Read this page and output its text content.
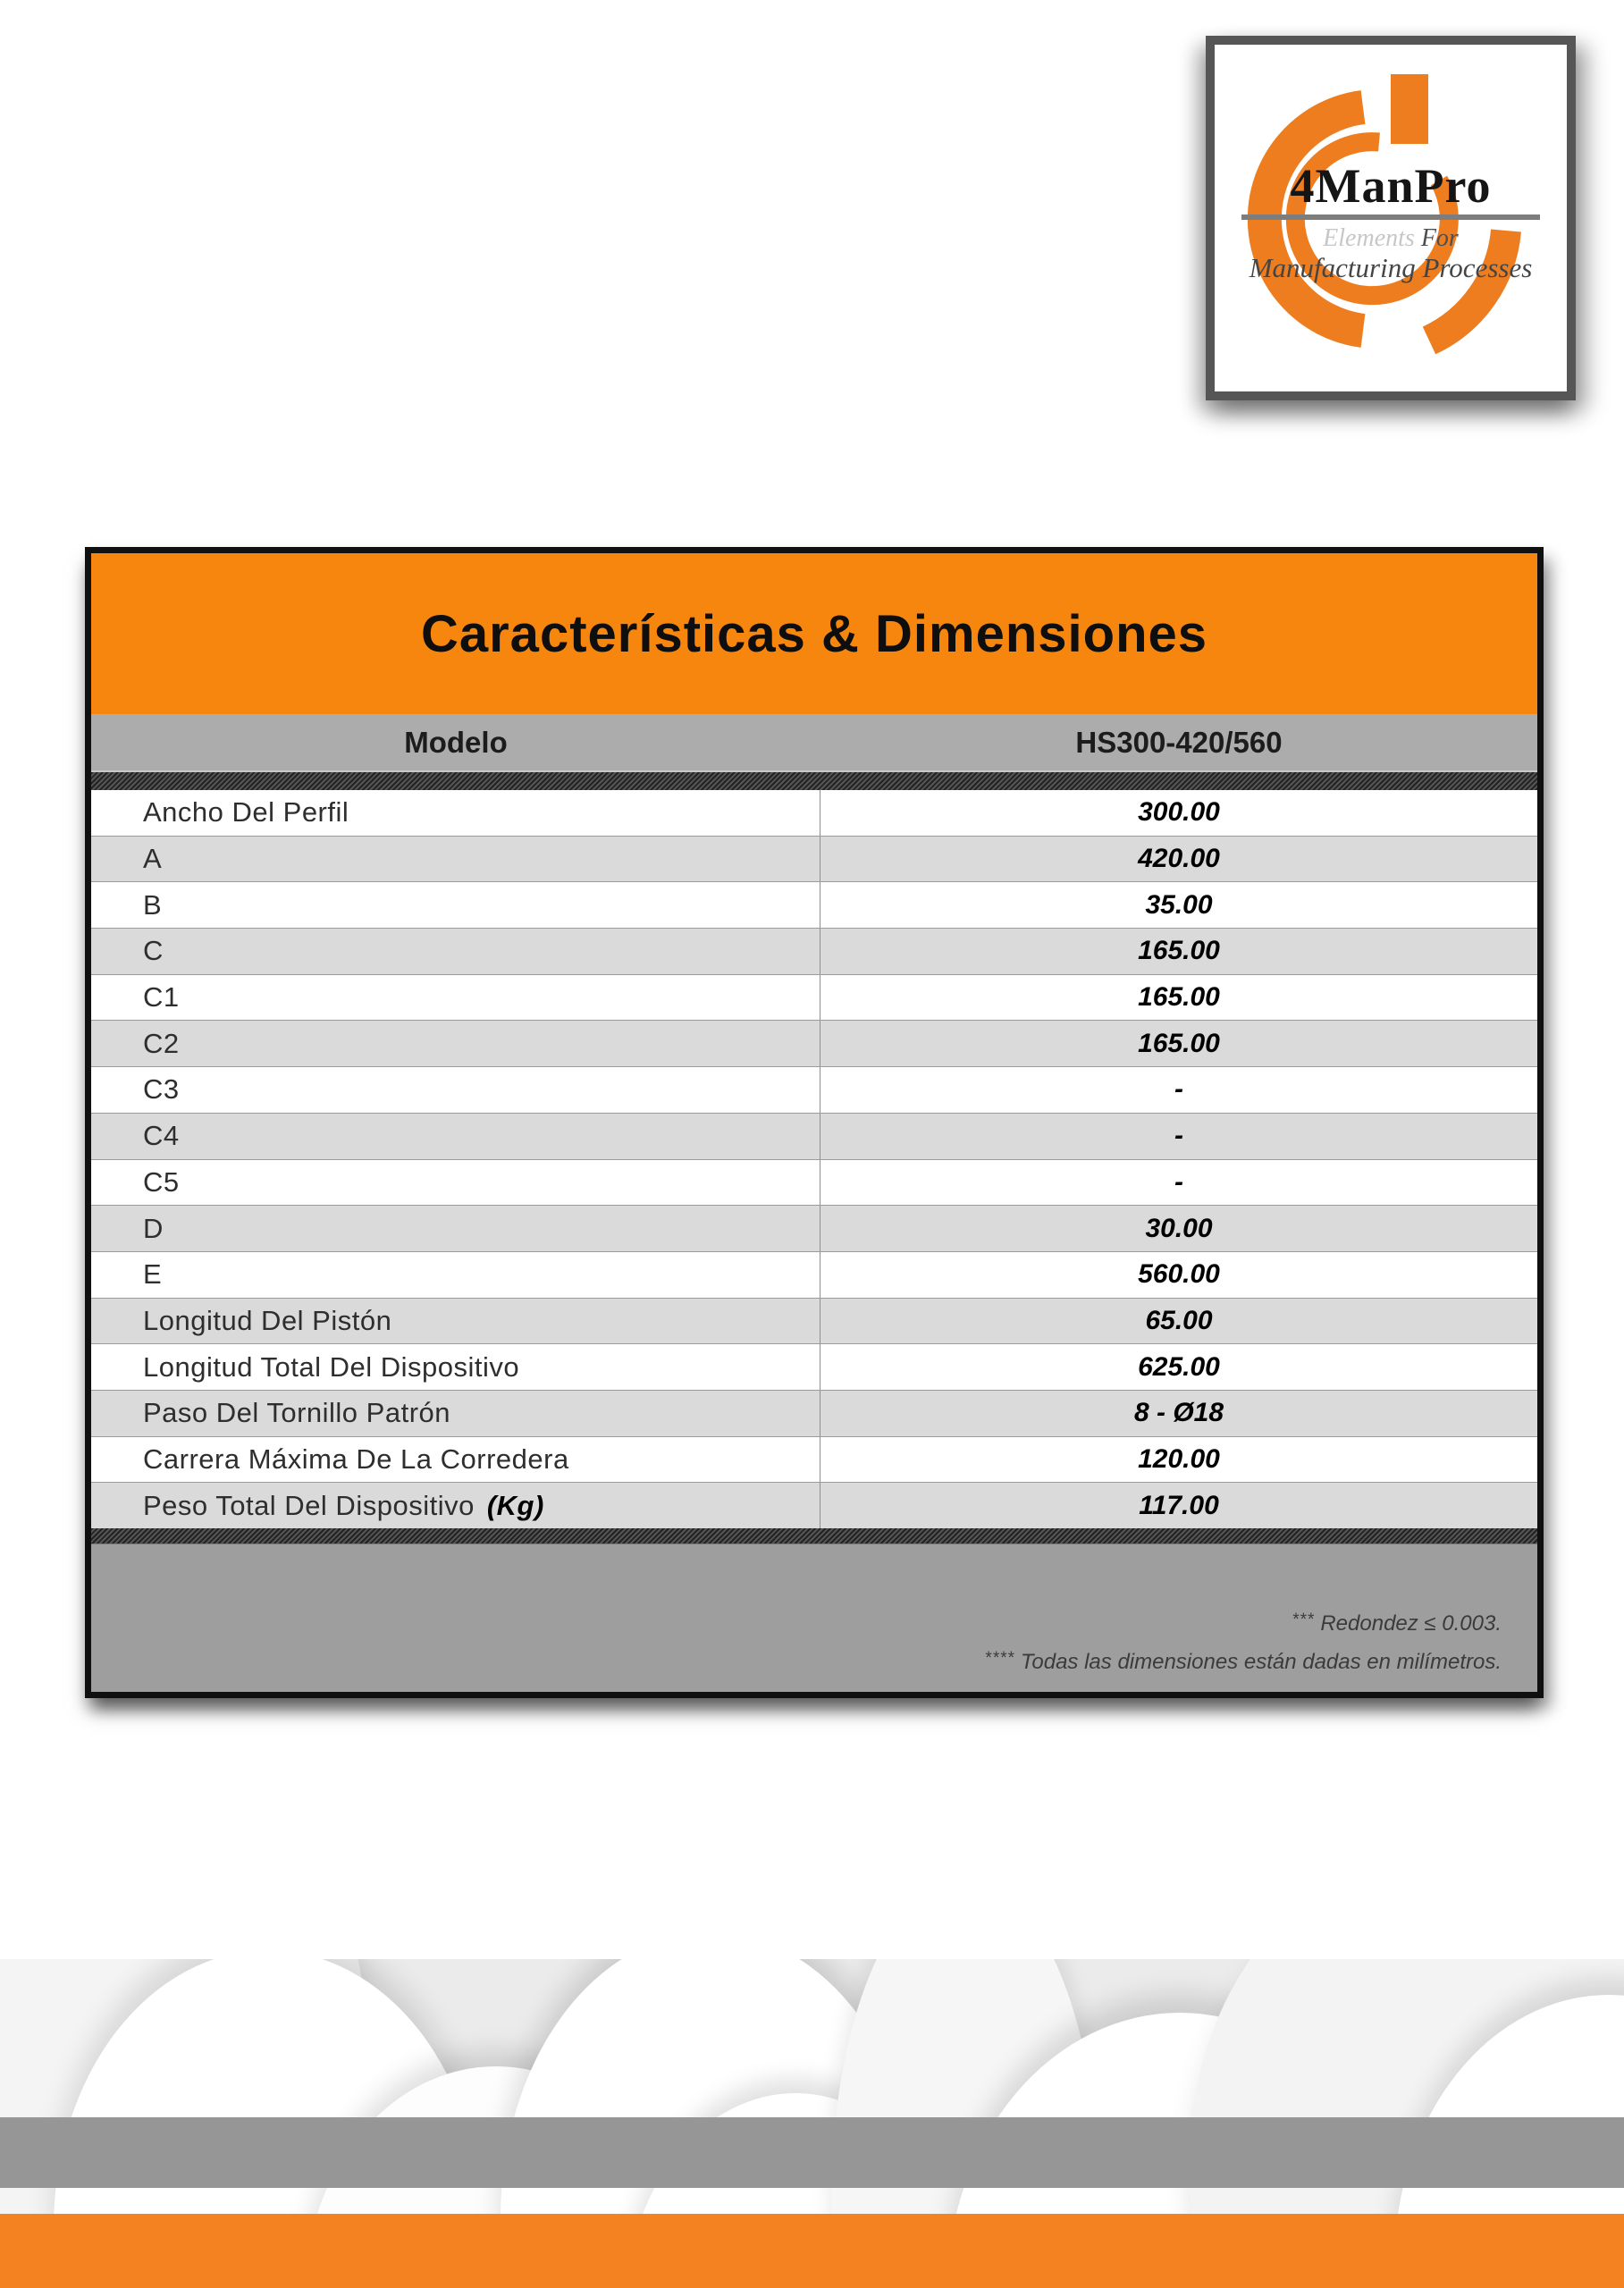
4ManPro
Elements For
Manufacturing Processes
Características & Dimensiones
Modelo	HS300-420/560
Ancho Del Perfil	300.00
A	420.00
B	35.00
C	165.00
C1	165.00
C2	165.00
C3	-
C4	-
C5	-
D	30.00
E	560.00
Longitud Del Pistón	65.00
Longitud Total Del Dispositivo	625.00
Paso Del Tornillo Patrón	8 - Ø18
Carrera Máxima De La Corredera	120.00
Peso Total Del Dispositivo (Kg)	117.00
*** Redondez ≤ 0.003.
**** Todas las dimensiones están dadas en milímetros.
